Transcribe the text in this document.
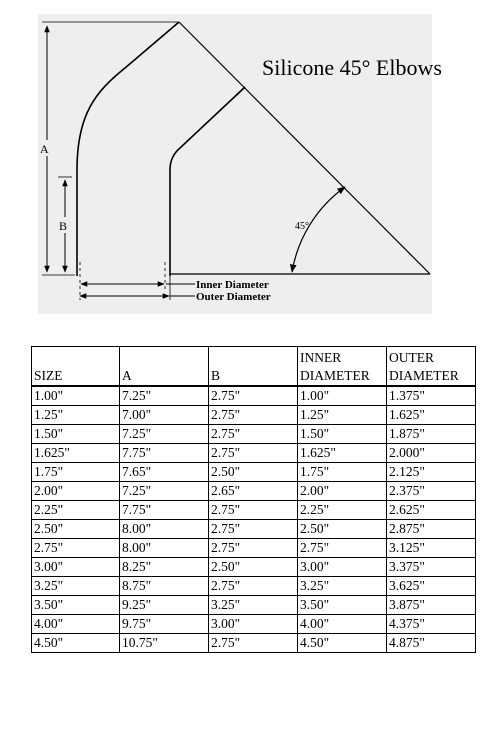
A
B	45°
Inner Diameter
Outer Diameter
Silicone 45° Elbows
SIZE	A	B	INNER DIAMETER	OUTER DIAMETER
1.00"	7.25"	2.75"	1.00"	1.375"
1.25"	7.00"	2.75"	1.25"	1.625"
1.50"	7.25"	2.75"	1.50"	1.875"
1.625"	7.75"	2.75"	1.625"	2.000"
1.75"	7.65"	2.50"	1.75"	2.125"
2.00"	7.25"	2.65"	2.00"	2.375"
2.25"	7.75"	2.75"	2.25"	2.625"
2.50"	8.00"	2.75"	2.50"	2.875"
2.75"	8.00"	2.75"	2.75"	3.125"
3.00"	8.25"	2.50"	3.00"	3.375"
3.25"	8.75"	2.75"	3.25"	3.625"
3.50"	9.25"	3.25"	3.50"	3.875"
4.00"	9.75"	3.00"	4.00"	4.375"
4.50"	10.75"	2.75"	4.50"	4.875"
